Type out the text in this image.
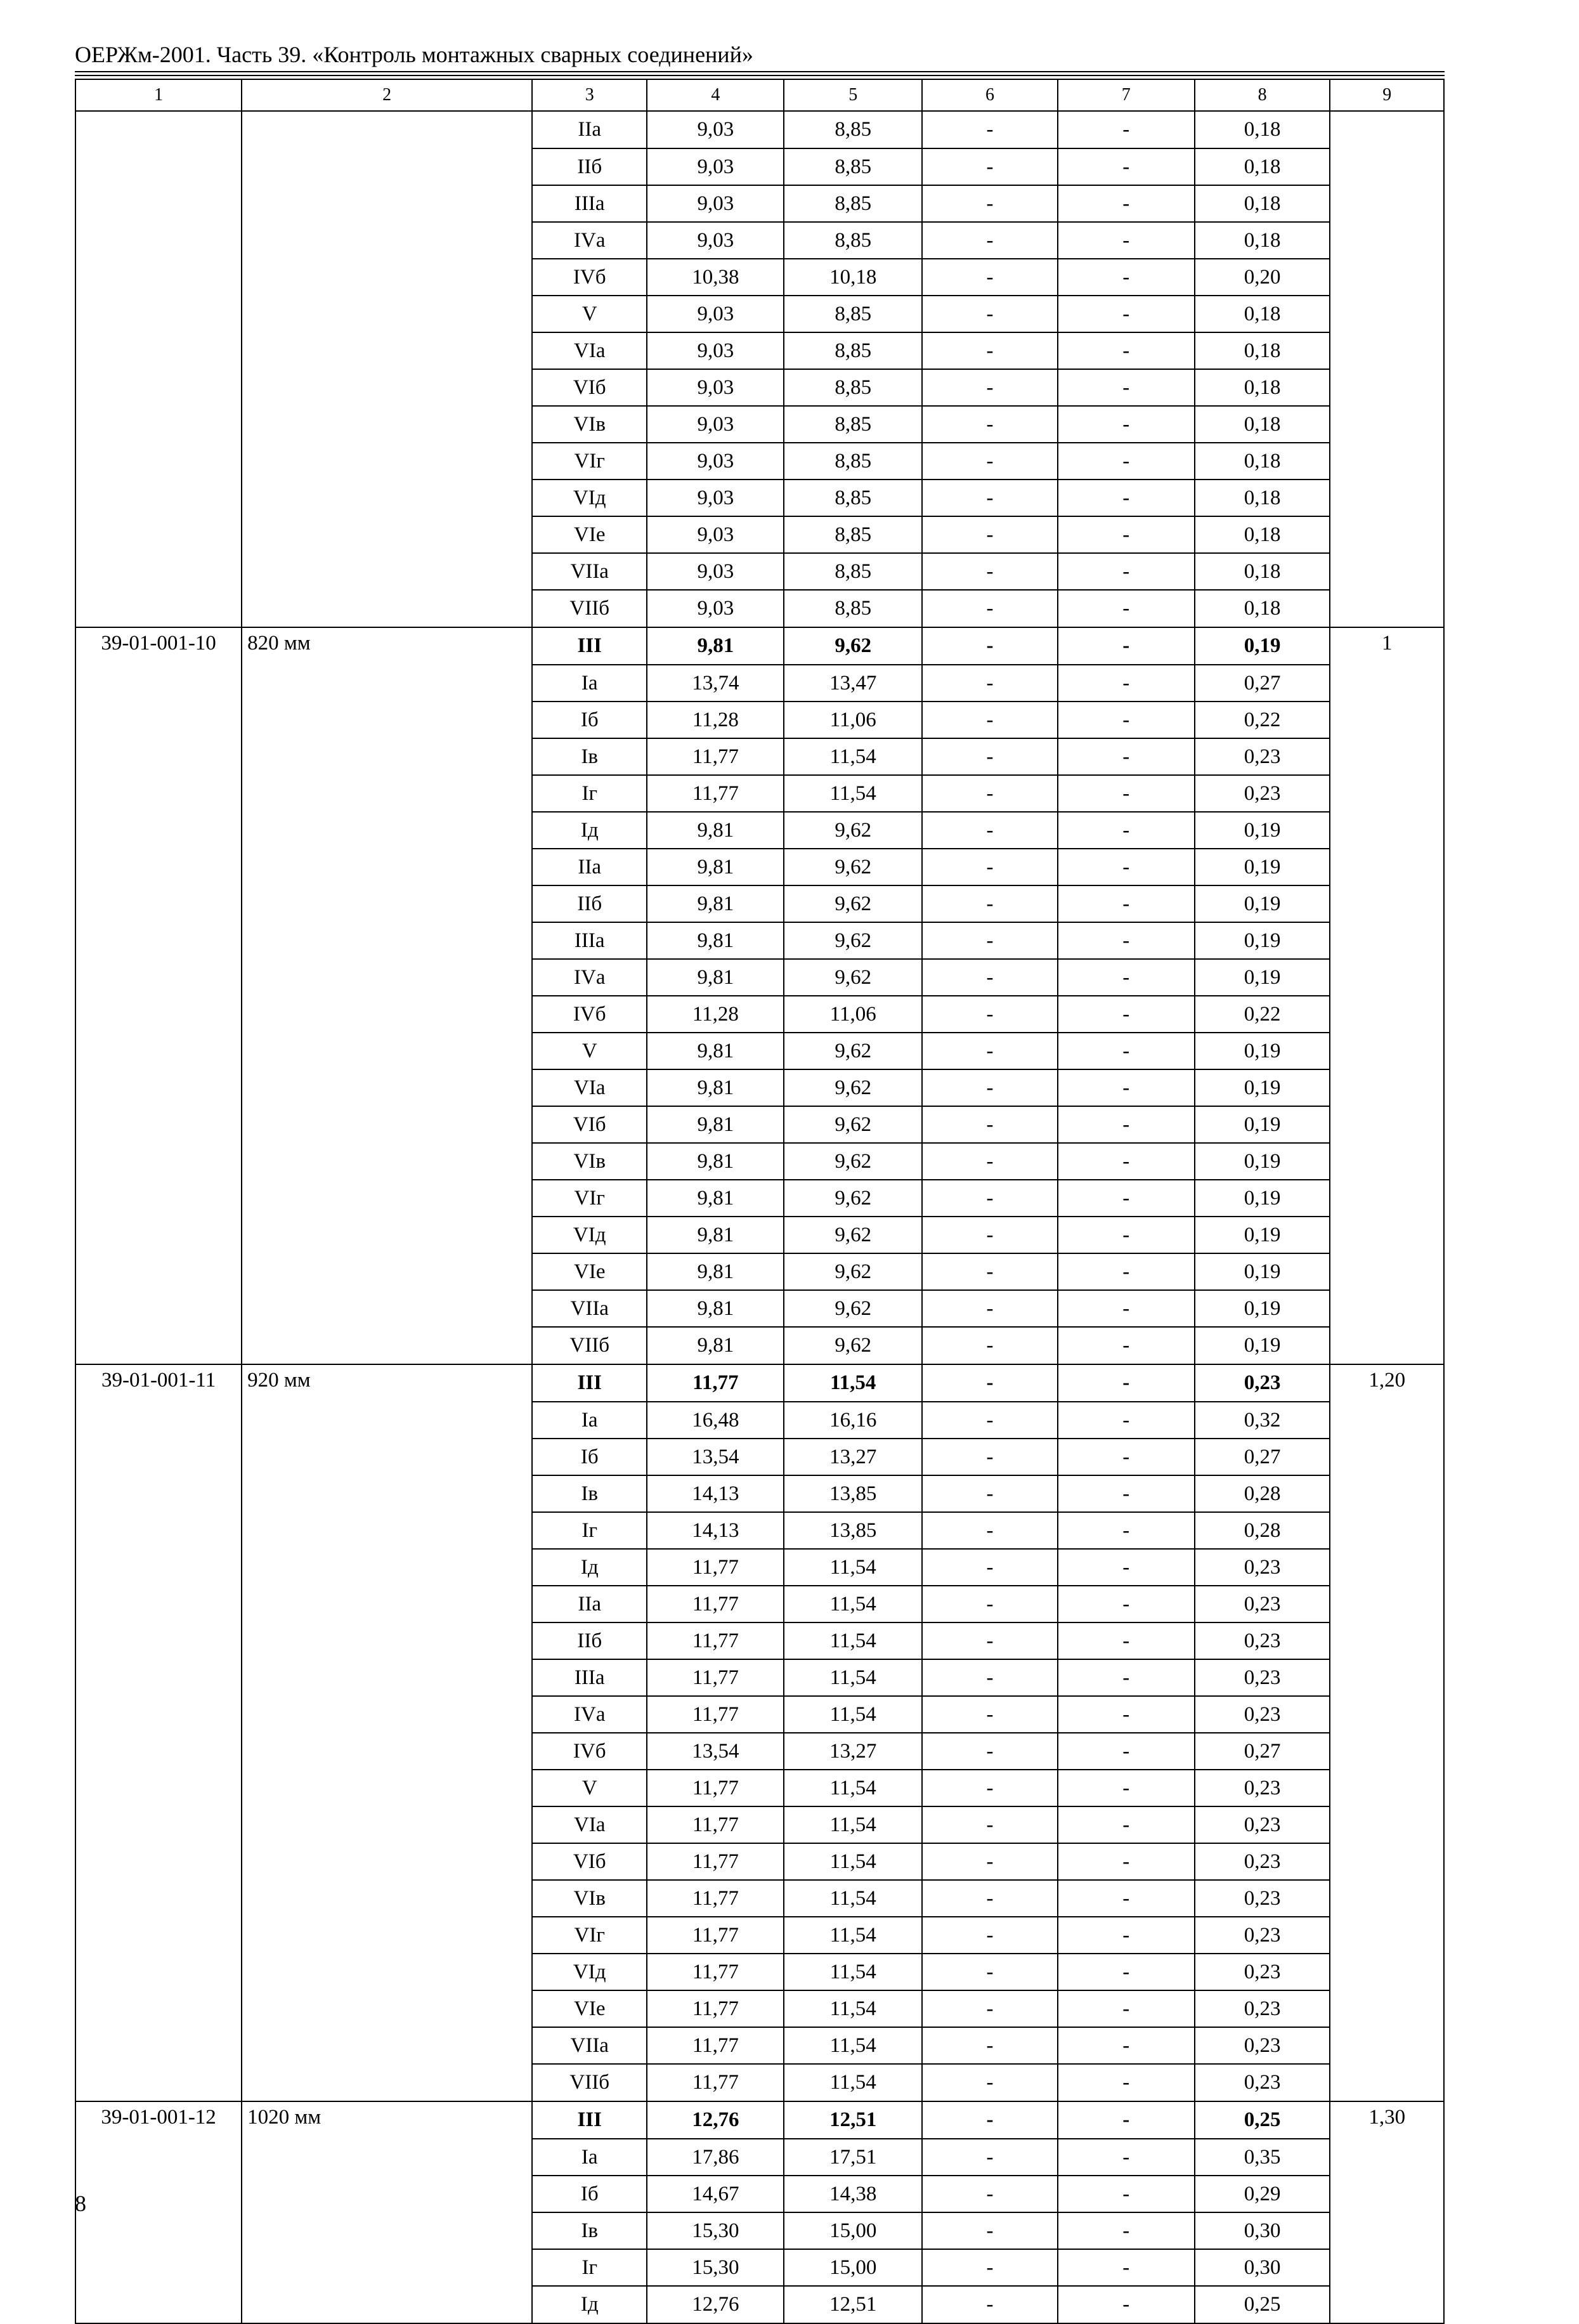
ОЕРЖм-2001. Часть 39. «Контроль монтажных сварных соединений»
1	2	3	4	5	6	7	8	9
		IIа	9,03	8,85	-	-	0,18	
		IIб	9,03	8,85	-	-	0,18	
		IIIа	9,03	8,85	-	-	0,18	
		IVа	9,03	8,85	-	-	0,18	
		IVб	10,38	10,18	-	-	0,20	
		V	9,03	8,85	-	-	0,18	
		VIа	9,03	8,85	-	-	0,18	
		VIб	9,03	8,85	-	-	0,18	
		VIв	9,03	8,85	-	-	0,18	
		VIг	9,03	8,85	-	-	0,18	
		VIд	9,03	8,85	-	-	0,18	
		VIе	9,03	8,85	-	-	0,18	
		VIIа	9,03	8,85	-	-	0,18	
		VIIб	9,03	8,85	-	-	0,18	
39-01-001-10	820 мм	III	9,81	9,62	-	-	0,19	1
		Iа	13,74	13,47	-	-	0,27	
		Iб	11,28	11,06	-	-	0,22	
		Iв	11,77	11,54	-	-	0,23	
		Iг	11,77	11,54	-	-	0,23	
		Iд	9,81	9,62	-	-	0,19	
		IIа	9,81	9,62	-	-	0,19	
		IIб	9,81	9,62	-	-	0,19	
		IIIа	9,81	9,62	-	-	0,19	
		IVа	9,81	9,62	-	-	0,19	
		IVб	11,28	11,06	-	-	0,22	
		V	9,81	9,62	-	-	0,19	
		VIа	9,81	9,62	-	-	0,19	
		VIб	9,81	9,62	-	-	0,19	
		VIв	9,81	9,62	-	-	0,19	
		VIг	9,81	9,62	-	-	0,19	
		VIд	9,81	9,62	-	-	0,19	
		VIе	9,81	9,62	-	-	0,19	
		VIIа	9,81	9,62	-	-	0,19	
		VIIб	9,81	9,62	-	-	0,19	
39-01-001-11	920 мм	III	11,77	11,54	-	-	0,23	1,20
		Iа	16,48	16,16	-	-	0,32	
		Iб	13,54	13,27	-	-	0,27	
		Iв	14,13	13,85	-	-	0,28	
		Iг	14,13	13,85	-	-	0,28	
		Iд	11,77	11,54	-	-	0,23	
		IIа	11,77	11,54	-	-	0,23	
		IIб	11,77	11,54	-	-	0,23	
		IIIа	11,77	11,54	-	-	0,23	
		IVа	11,77	11,54	-	-	0,23	
		IVб	13,54	13,27	-	-	0,27	
		V	11,77	11,54	-	-	0,23	
		VIа	11,77	11,54	-	-	0,23	
		VIб	11,77	11,54	-	-	0,23	
		VIв	11,77	11,54	-	-	0,23	
		VIг	11,77	11,54	-	-	0,23	
		VIд	11,77	11,54	-	-	0,23	
		VIе	11,77	11,54	-	-	0,23	
		VIIа	11,77	11,54	-	-	0,23	
		VIIб	11,77	11,54	-	-	0,23	
39-01-001-12	1020 мм	III	12,76	12,51	-	-	0,25	1,30
		Iа	17,86	17,51	-	-	0,35	
		Iб	14,67	14,38	-	-	0,29	
		Iв	15,30	15,00	-	-	0,30	
		Iг	15,30	15,00	-	-	0,30	
		Iд	12,76	12,51	-	-	0,25	
8
